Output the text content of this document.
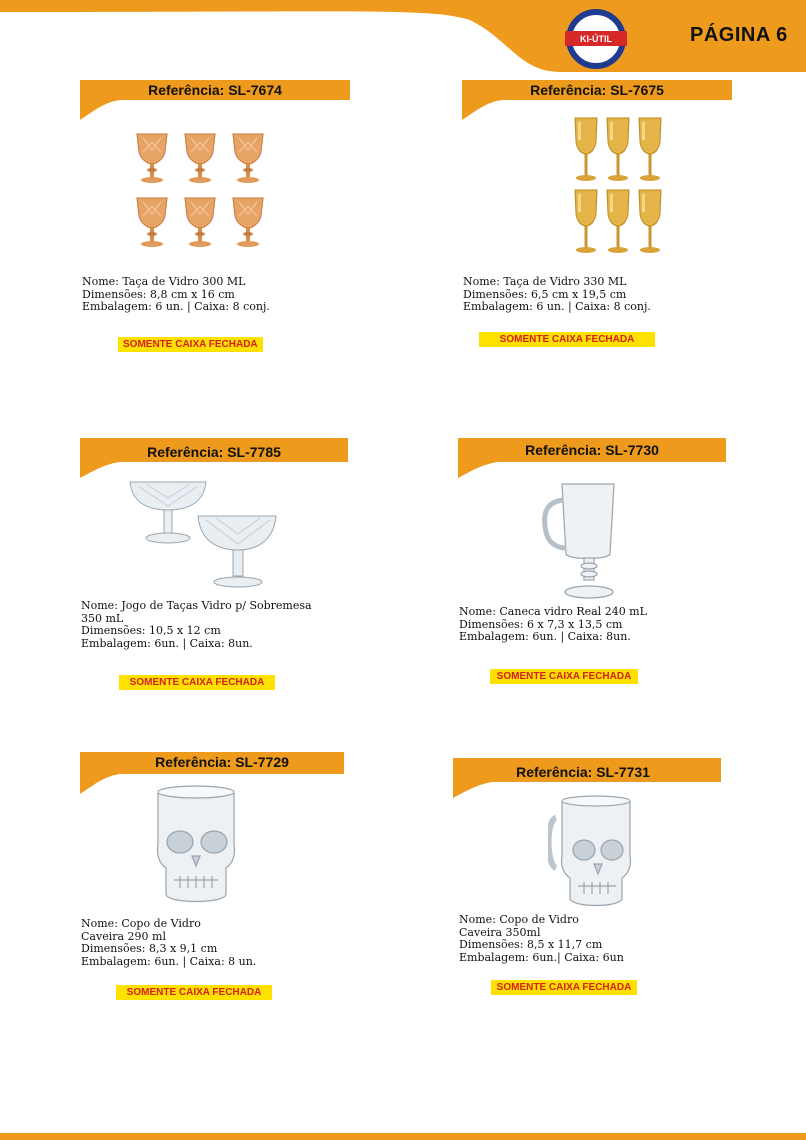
KI-ÚTIL	PÁGINA 6
Referência: SL-7674
Nome: Taça de Vidro 300 ML
Dimensões: 8,8 cm x 16 cm
Embalagem: 6 un. | Caixa: 8 conj.
SOMENTE CAIXA FECHADA
Referência: SL-7675
Nome: Taça de Vidro 330 ML
Dimensões: 6,5 cm x 19,5 cm
Embalagem: 6 un. | Caixa: 8 conj.
SOMENTE CAIXA FECHADA
Referência: SL-7785
Nome: Jogo de Taças Vidro p/ Sobremesa
350 mL
Dimensões: 10,5 x 12 cm
Embalagem: 6un. | Caixa: 8un.
SOMENTE CAIXA FECHADA
Referência: SL-7730
Nome: Caneca vidro Real 240 mL
Dimensões: 6 x 7,3 x 13,5 cm
Embalagem: 6un. | Caixa: 8un.
SOMENTE CAIXA FECHADA
Referência: SL-7729
Nome: Copo de Vidro
Caveira 290 ml
Dimensões: 8,3 x 9,1 cm
Embalagem: 6un. | Caixa: 8 un.
SOMENTE CAIXA FECHADA
Referência: SL-7731
Nome: Copo de Vidro
Caveira 350ml
Dimensões: 8,5 x 11,7 cm
Embalagem: 6un.| Caixa: 6un
SOMENTE CAIXA FECHADA
